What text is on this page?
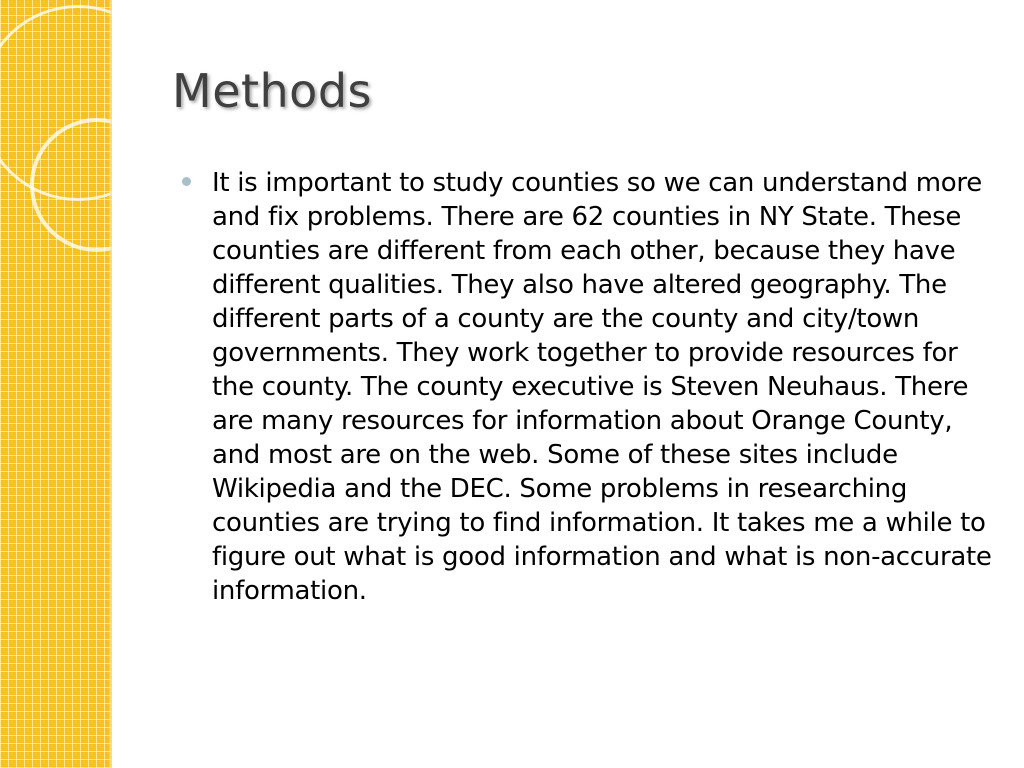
Methods

It is important to study counties so we can understand more and fix problems. There are 62 counties in NY State. These counties are different from each other, because they have different qualities. They also have altered geography. The different parts of a county are the county and city/town governments. They work together to provide resources for the county. The county executive is Steven Neuhaus. There are many resources for information about Orange County, and most are on the web. Some of these sites include Wikipedia and the DEC. Some problems in researching counties are trying to find information. It takes me a while to figure out what is good information and what is non-accurate information.
